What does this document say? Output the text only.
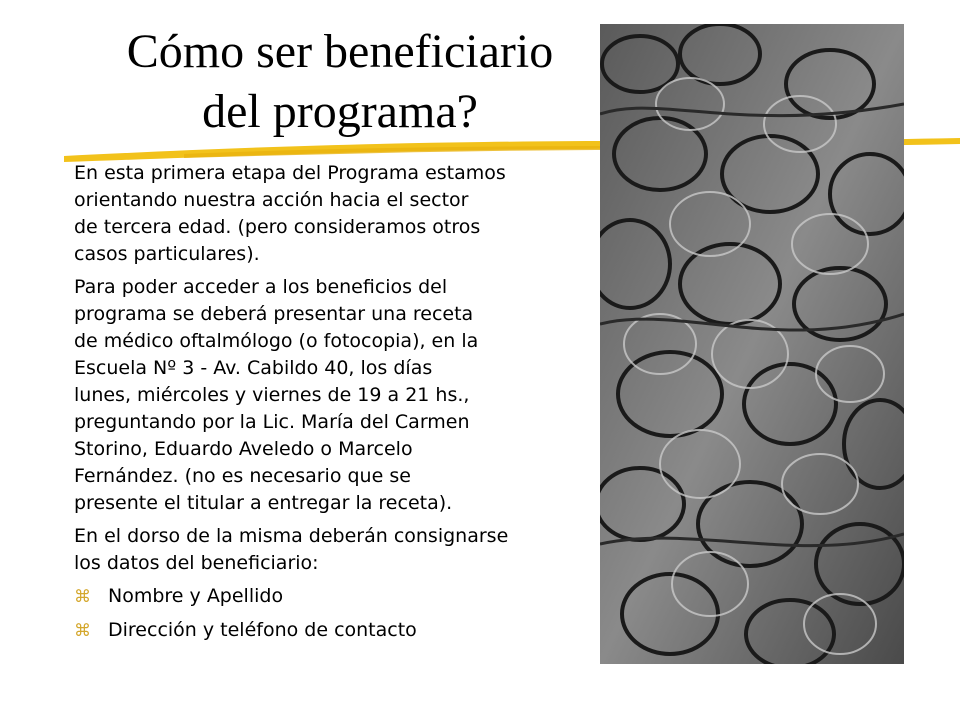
Cómo ser beneficiario
del programa?
En esta primera etapa del Programa estamos
orientando nuestra acción hacia el sector
de tercera edad. (pero consideramos otros
casos particulares).
Para poder acceder a los beneficios del
programa se deberá presentar una receta
de médico oftalmólogo (o fotocopia), en la
Escuela Nº 3 - Av. Cabildo 40, los días
lunes, miércoles y viernes de 19 a 21 hs.,
preguntando por la Lic. María del Carmen
Storino, Eduardo Aveledo o Marcelo
Fernández. (no es necesario que se
presente el titular a entregar la receta).
En el dorso de la misma deberán consignarse
los datos del beneficiario:
⌘ Nombre y Apellido
⌘ Dirección y teléfono de contacto
